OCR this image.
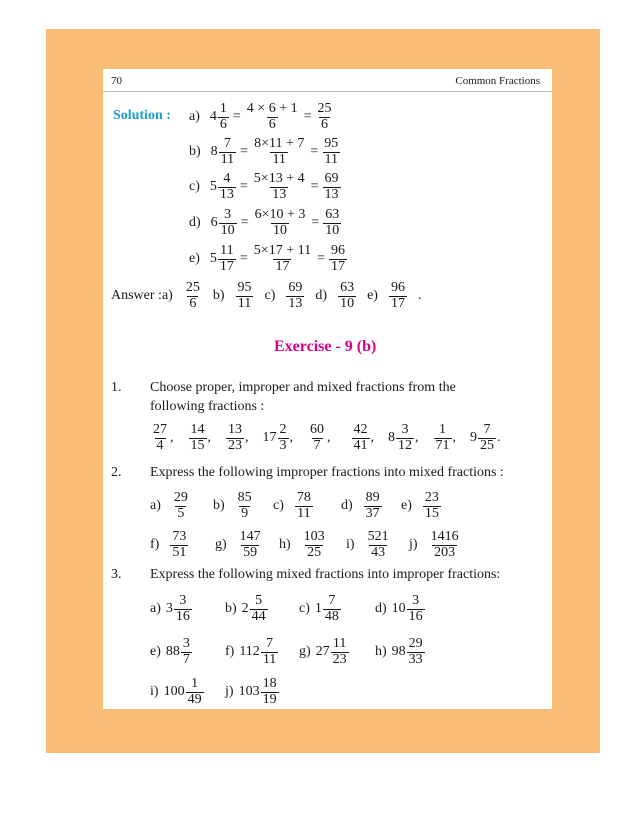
70	Common Fractions
Solution : a) $4 \frac{1}{6} = \frac{4 \times 6 + 1}{6} = \frac{25}{6}$
b) $8 \frac{7}{11} = \frac{8\times 11 + 7}{11} = \frac{95}{11}$
c) $5 \frac{4}{13} = \frac{5\times 13 + 4}{13} = \frac{69}{13}$
d) $6 \frac{3}{10} = \frac{6\times 10 + 3}{10} = \frac{63}{10}$
e) $5 \frac{11}{17} = \frac{5\times 17 + 11}{17} = \frac{96}{17}$
Answer : $a) \frac{25}{6} b) \frac{95}{11} c) \frac{69}{13} d) \frac{63}{10} e) \frac{96}{17}$ .
Exercise - 9 (b)
1. Choose proper, improper and mixed fractions from the
following fractions :
$\frac{27}{4}$ , $\frac{14}{15}$ , $\frac{13}{23}$ , $17 \frac{2}{3}$ , $\frac{60}{7}$ , $\frac{42}{41}$ , $8 \frac{3}{12}$ , $\frac{1}{71}$ , $9 \frac{7}{25}$ .
2. Express the following improper fractions into mixed fractions :
$a) \frac{29}{5} b) \frac{85}{9} c) \frac{78}{11} d) \frac{89}{37} e) \frac{23}{15}$
$f) \frac{73}{51} g) \frac{147}{59} h) \frac{103}{25} i) \frac{521}{43} j) \frac{1416}{203}$
3. Express the following mixed fractions into improper fractions:
a) $3 \frac{3}{16} b$) $2 \frac{5}{44} c$) $1 \frac{7}{48} d$) $10 \frac{3}{16}$
e) $88 \frac{3}{7} f$) $112 \frac{7}{11} g$) $27 \frac{11}{23} h$) $98 \frac{29}{33}$
i) $100 \frac{1}{49} j$) $103 \frac{18}{19}$
